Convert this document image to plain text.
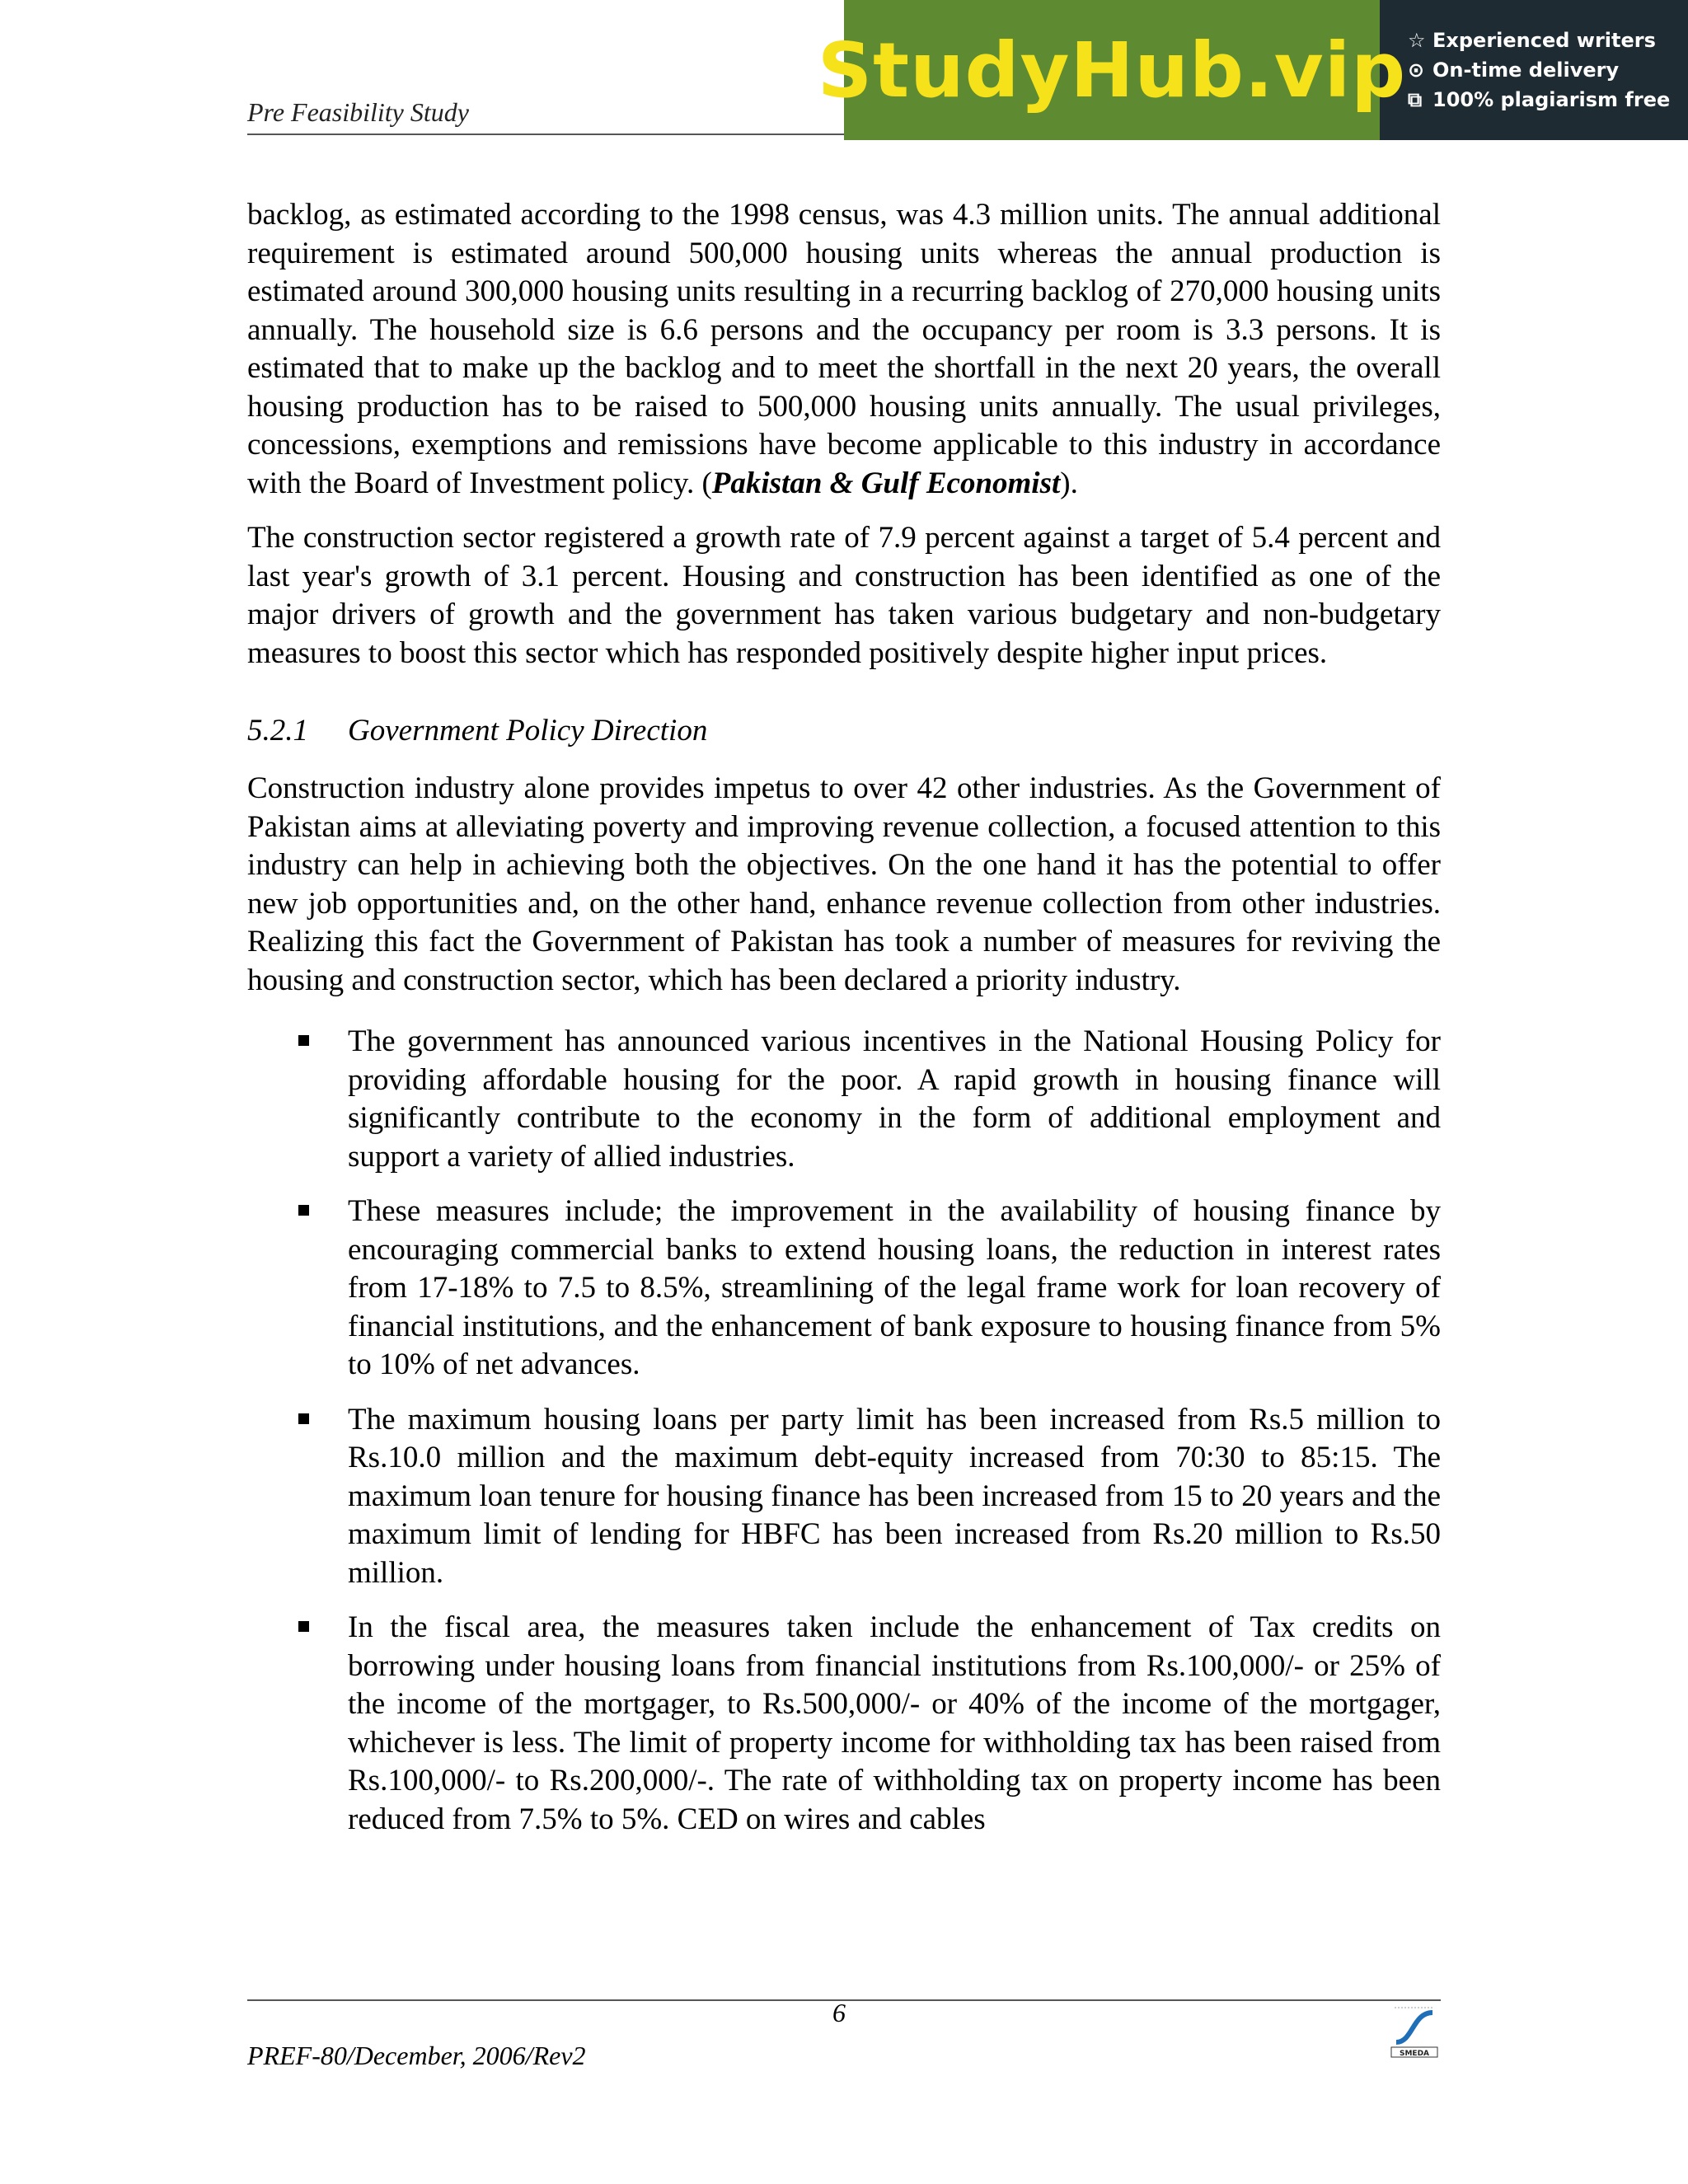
Pre Feasibility Study	StudyHub.vip ☆ Experienced writers
⊙ On-time delivery
⧉ 100% plagiarism free

backlog, as estimated according to the 1998 census, was 4.3 million units. The annual additional requirement is estimated around 500,000 housing units whereas the annual production is estimated around 300,000 housing units resulting in a recurring backlog of 270,000 housing units annually. The household size is 6.6 persons and the occupancy per room is 3.3 persons. It is estimated that to make up the backlog and to meet the shortfall in the next 20 years, the overall housing production has to be raised to 500,000 housing units annually. The usual privileges, concessions, exemptions and remissions have become applicable to this industry in accordance with the Board of Investment policy. (Pakistan & Gulf Economist).

The construction sector registered a growth rate of 7.9 percent against a target of 5.4 percent and last year's growth of 3.1 percent. Housing and construction has been identified as one of the major drivers of growth and the government has taken various budgetary and non-budgetary measures to boost this sector which has responded positively despite higher input prices.

5.2.1 Government Policy Direction

Construction industry alone provides impetus to over 42 other industries. As the Government of Pakistan aims at alleviating poverty and improving revenue collection, a focused attention to this industry can help in achieving both the objectives. On the one hand it has the potential to offer new job opportunities and, on the other hand, enhance revenue collection from other industries. Realizing this fact the Government of Pakistan has took a number of measures for reviving the housing and construction sector, which has been declared a priority industry.

The government has announced various incentives in the National Housing Policy for providing affordable housing for the poor. A rapid growth in housing finance will significantly contribute to the economy in the form of additional employment and support a variety of allied industries.
These measures include; the improvement in the availability of housing finance by encouraging commercial banks to extend housing loans, the reduction in interest rates from 17-18% to 7.5 to 8.5%, streamlining of the legal frame work for loan recovery of financial institutions, and the enhancement of bank exposure to housing finance from 5% to 10% of net advances.
The maximum housing loans per party limit has been increased from Rs.5 million to Rs.10.0 million and the maximum debt-equity increased from 70:30 to 85:15. The maximum loan tenure for housing finance has been increased from 15 to 20 years and the maximum limit of lending for HBFC has been increased from Rs.20 million to Rs.50 million.
In the fiscal area, the measures taken include the enhancement of Tax credits on borrowing under housing loans from financial institutions from Rs.100,000/- or 25% of the income of the mortgager, to Rs.500,000/- or 40% of the income of the mortgager, whichever is less. The limit of property income for withholding tax has been raised from Rs.100,000/- to Rs.200,000/-. The rate of withholding tax on property income has been reduced from 7.5% to 5%. CED on wires and cables
6
PREF-80/December, 2006/Rev2	SMEDA
